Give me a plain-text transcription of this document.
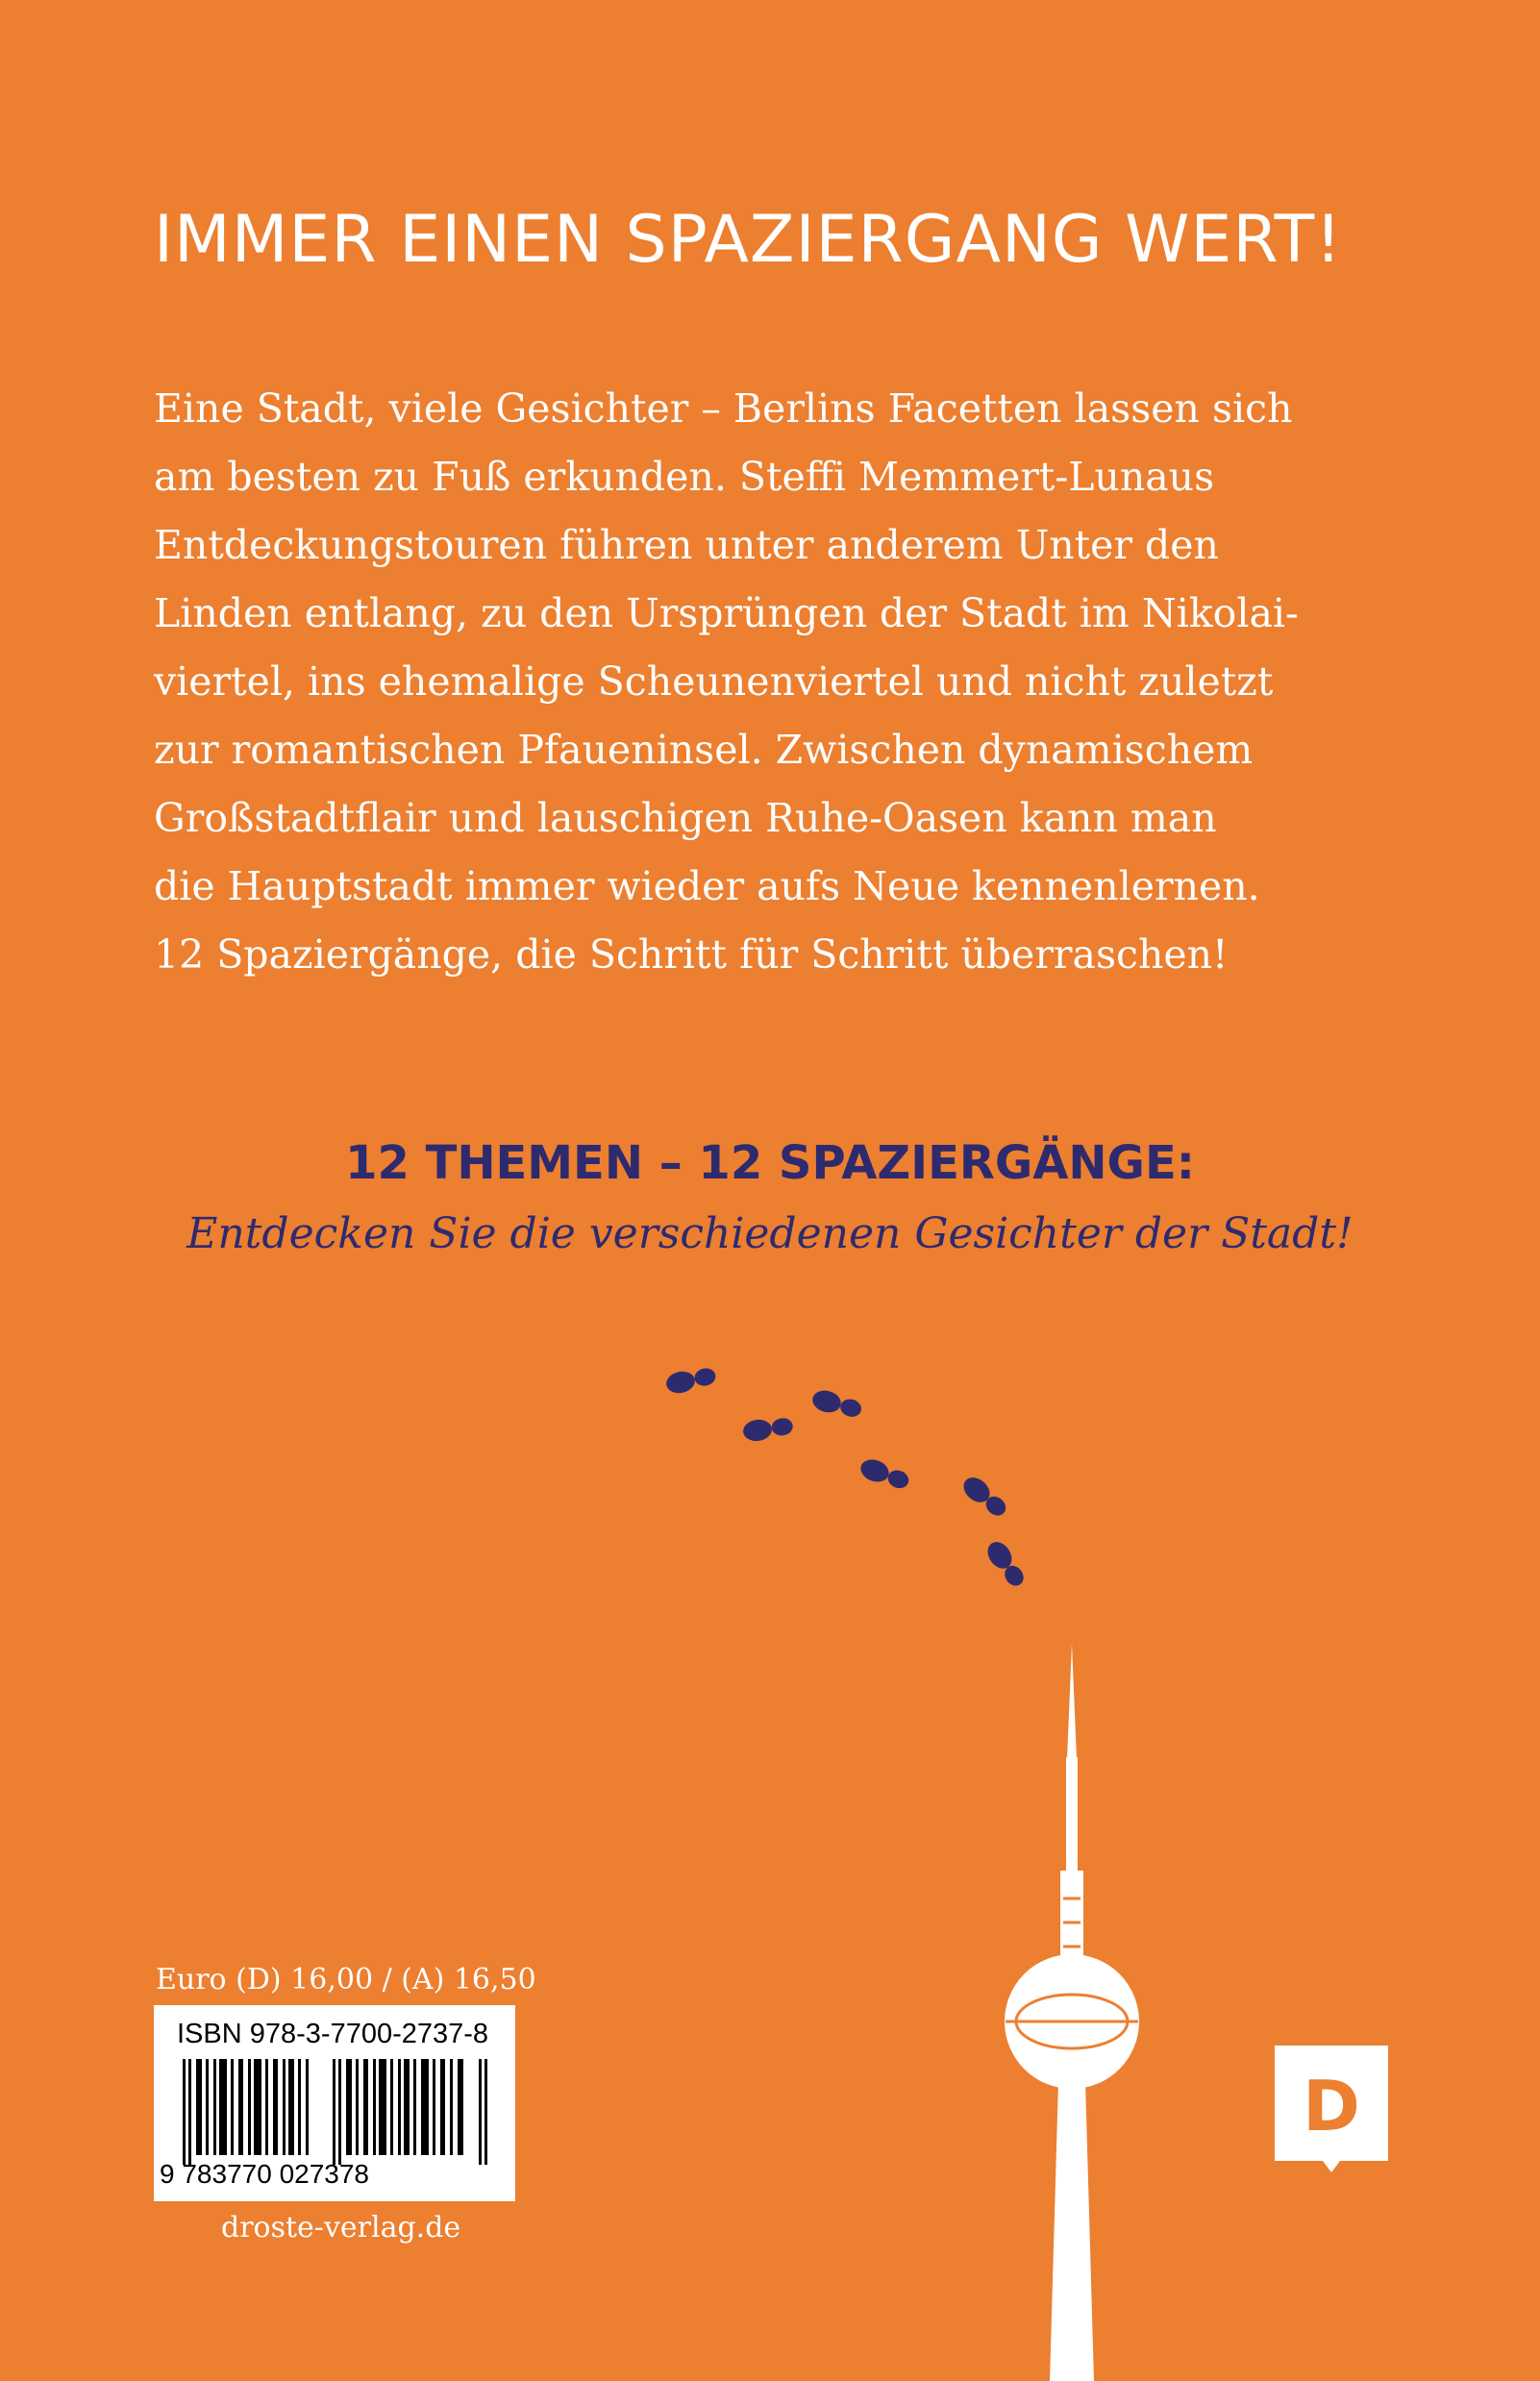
IMMER EINEN SPAZIERGANG WERT!
Eine Stadt, viele Gesichter – Berlins Facetten lassen sich
am besten zu Fuß erkunden. Steffi Memmert-Lunaus
Entdeckungstouren führen unter anderem Unter den
Linden entlang, zu den Ursprüngen der Stadt im Nikolai-
viertel, ins ehemalige Scheunenviertel und nicht zuletzt
zur romantischen Pfaueninsel. Zwischen dynamischem
Großstadtflair und lauschigen Ruhe-Oasen kann man
die Hauptstadt immer wieder aufs Neue kennenlernen.
12 Spaziergänge, die Schritt für Schritt überraschen!
12 THEMEN – 12 SPAZIERGÄNGE:
Entdecken Sie die verschiedenen Gesichter der Stadt!
Euro (D) 16,00 / (A) 16,50
ISBN 978-3-7700-2737-8
9 783770 027378
droste-verlag.de
D
